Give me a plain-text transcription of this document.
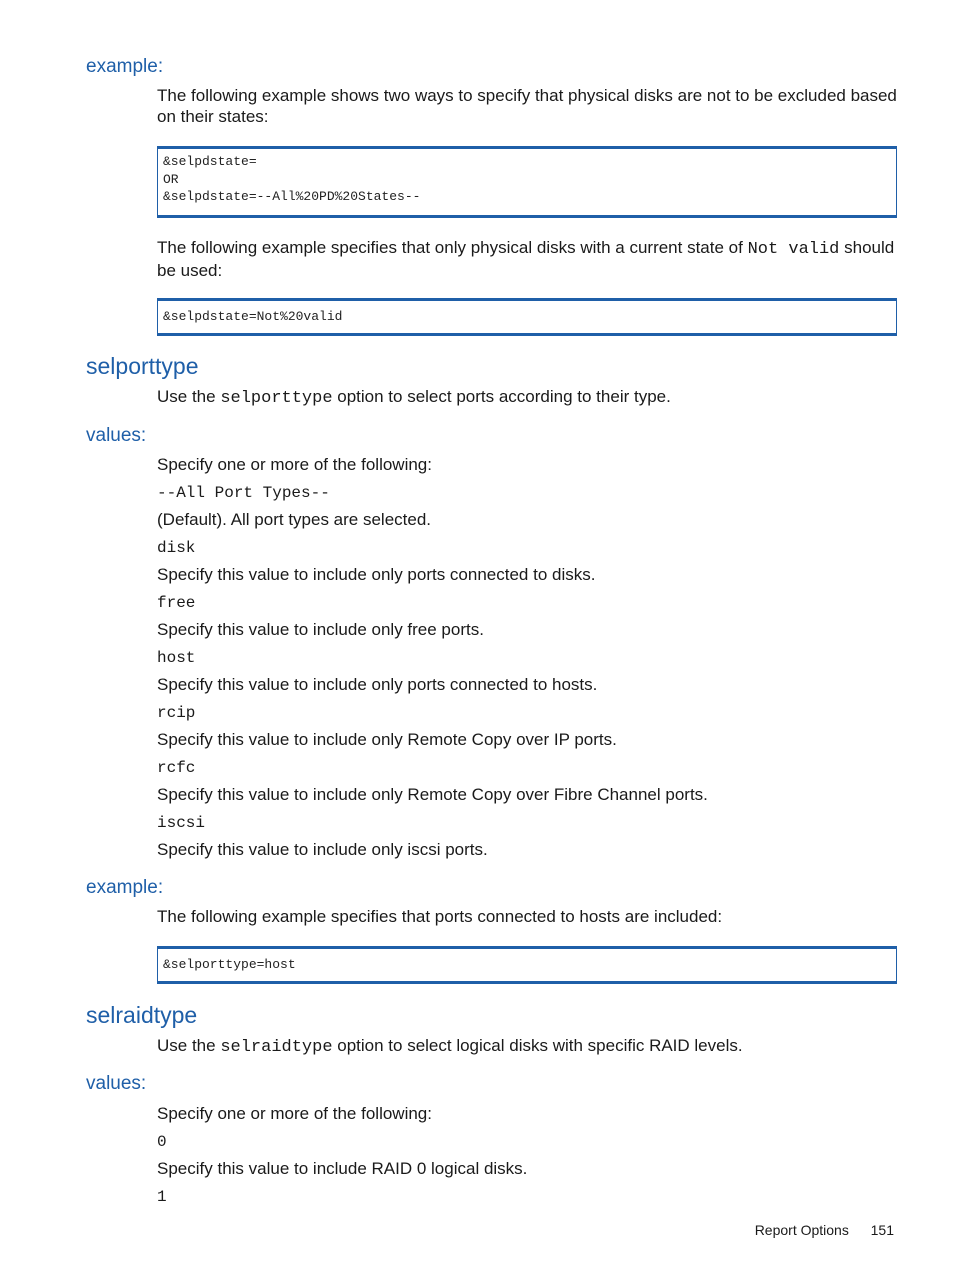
example:
The following example shows two ways to specify that physical disks are not to be excluded based on their states:
&selpdstate=
OR
&selpdstate=--All%20PD%20States--
The following example specifies that only physical disks with a current state of Not valid should be used:
&selpdstate=Not%20valid
selporttype
Use the selporttype option to select ports according to their type.
values:
Specify one or more of the following:
--All Port Types--
(Default). All port types are selected.
disk
Specify this value to include only ports connected to disks.
free
Specify this value to include only free ports.
host
Specify this value to include only ports connected to hosts.
rcip
Specify this value to include only Remote Copy over IP ports.
rcfc
Specify this value to include only Remote Copy over Fibre Channel ports.
iscsi
Specify this value to include only iscsi ports.
example:
The following example specifies that ports connected to hosts are included:
&selporttype=host
selraidtype
Use the selraidtype option to select logical disks with specific RAID levels.
values:
Specify one or more of the following:
0
Specify this value to include RAID 0 logical disks.
1
Report Options 151
